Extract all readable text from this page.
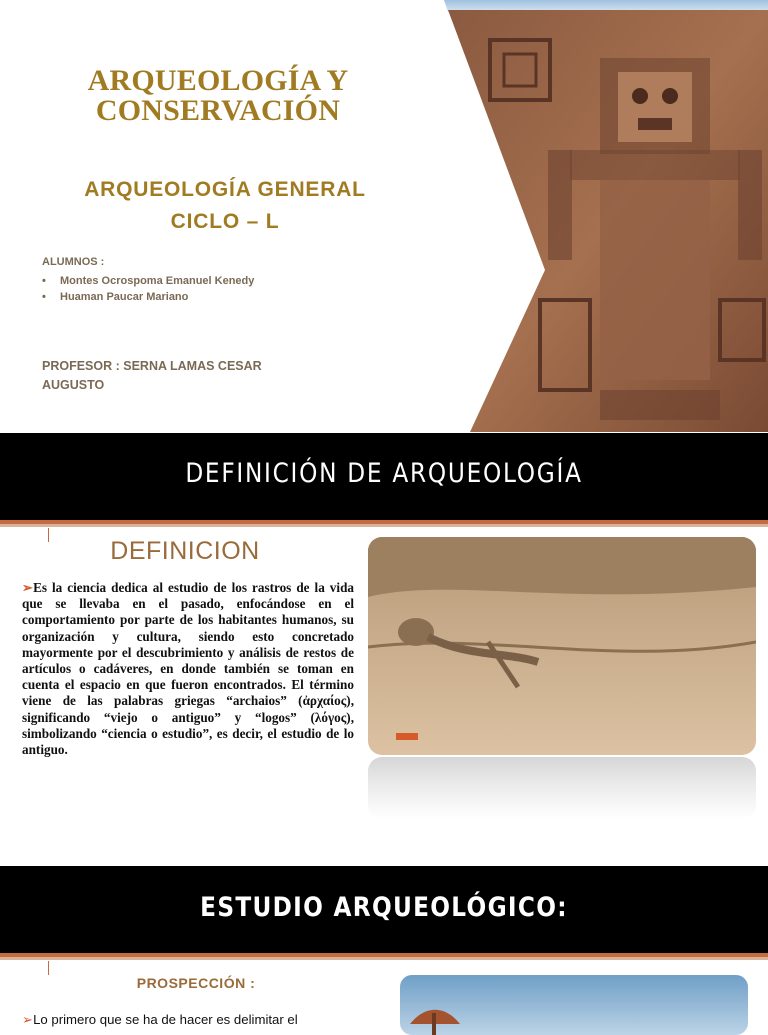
ARQUEOLOGÍA Y
CONSERVACIÓN
ARQUEOLOGÍA GENERAL
CICLO – L
ALUMNOS :
• Montes Ocrospoma Emanuel Kenedy
• Huaman Paucar Mariano
PROFESOR : SERNA LAMAS CESAR
AUGUSTO
DEFINICIÓN DE ARQUEOLOGÍA
DEFINICION
➢Es la ciencia dedica al estudio de los rastros de la vida que se llevaba en el pasado, enfocándose en el comportamiento por parte de los habitantes humanos, su organización y cultura, siendo esto concretado mayormente por el descubrimiento y análisis de restos de artículos o cadáveres, en donde también se toman en cuenta el espacio en que fueron encontrados. El término viene de las palabras griegas “archaios” (ἀρχαίος), significando “viejo o antiguo” y “logos” (λόγος), simbolizando “ciencia o estudio”, es decir, el estudio de lo antiguo.
ESTUDIO ARQUEOLÓGICO:
PROSPECCIÓN :
➢Lo primero que se ha de hacer es delimitar el
